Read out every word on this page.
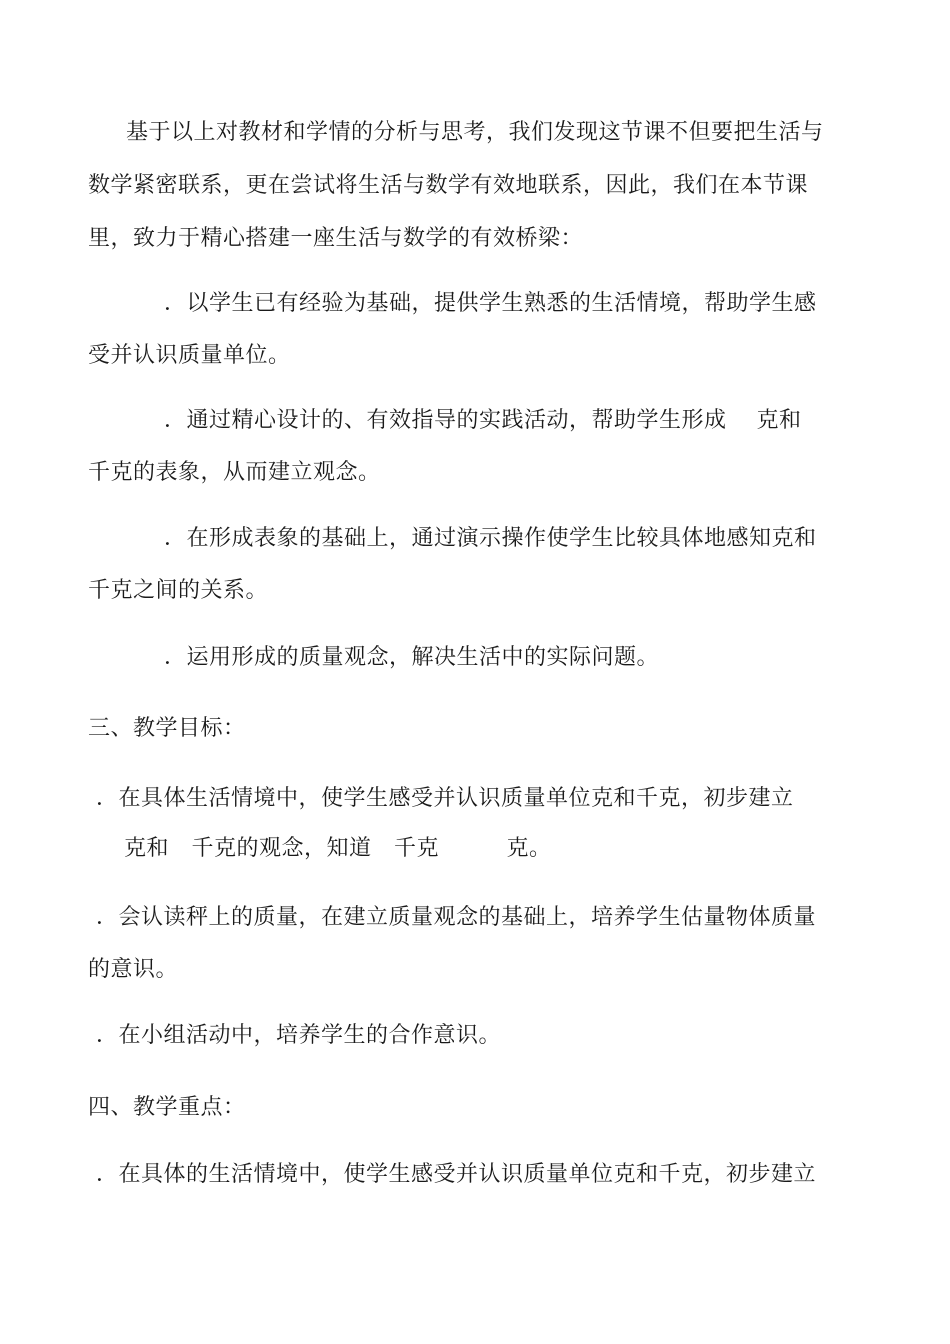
基于以上对教材和学情的分析与思考，我们发现这节课不但要把生活与
数学紧密联系，更在尝试将生活与数学有效地联系，因此，我们在本节课
里，致力于精心搭建一座生活与数学的有效桥梁：
．以学生已有经验为基础，提供学生熟悉的生活情境，帮助学生感
受并认识质量单位。
．通过精心设计的、有效指导的实践活动，帮助学生形成　 克和
千克的表象，从而建立观念。
．在形成表象的基础上，通过演示操作使学生比较具体地感知克和
千克之间的关系。
．运用形成的质量观念，解决生活中的实际问题。
三、教学目标：
．在具体生活情境中，使学生感受并认识质量单位克和千克，初步建立
克和　千克的观念，知道　千克　　　克。
．会认读秤上的质量，在建立质量观念的基础上，培养学生估量物体质量
的意识。
．在小组活动中，培养学生的合作意识。
四、教学重点：
．在具体的生活情境中，使学生感受并认识质量单位克和千克，初步建立
